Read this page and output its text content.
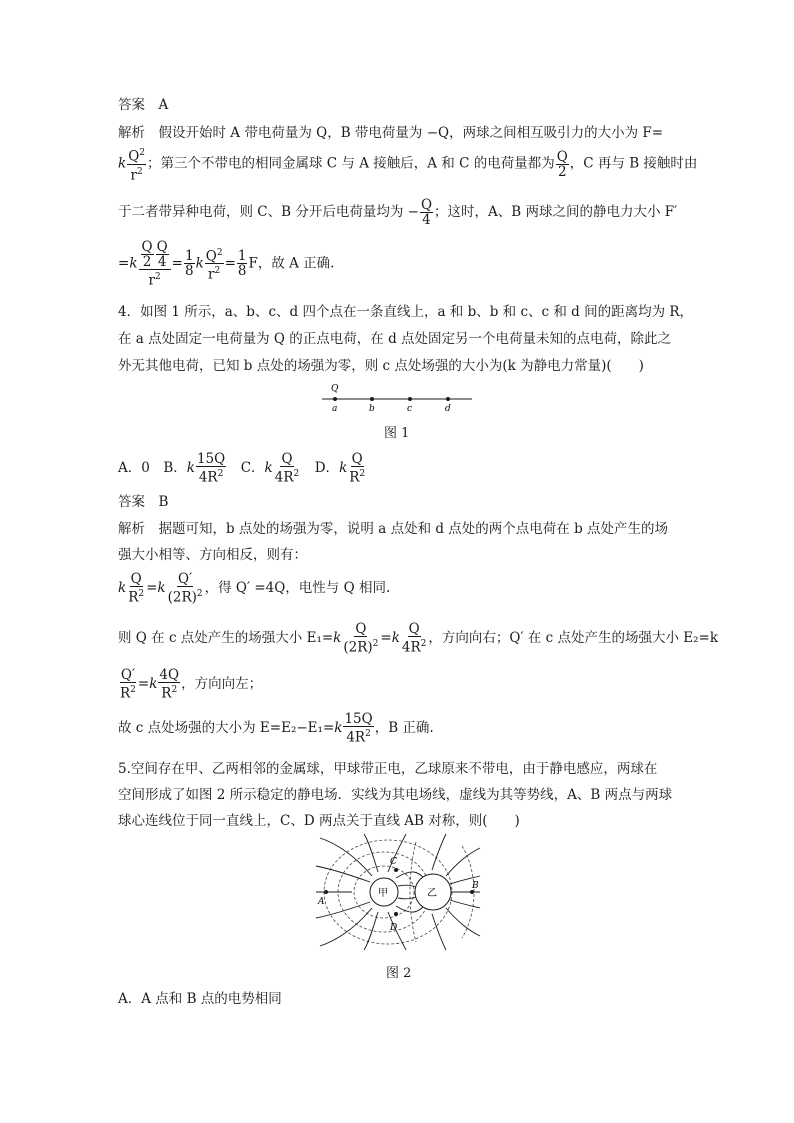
答案　A
解析　假设开始时 A 带电荷量为 Q，B 带电荷量为 −Q，两球之间相互吸引力的大小为 F=
k $\frac{Q^2}{r^2}$ ；第三个不带电的相同金属球 C 与 A 接触后，A 和 C 的电荷量都为 $\frac{Q}{2}$ ，C 再与 B 接触时由
于二者带异种电荷，则 C、B 分开后电荷量均为 − $\frac{Q}{4}$ ；这时，A、B 两球之间的静电力大小 F′
$=k \frac{\frac{Q}{2} \frac{Q}{4}}{r^2} = \frac{1}{8}$ k $\frac{Q^2}{r^2} = \frac{1}{8}$ F，故 A 正确.
4．如图 1 所示，a、b、c、d 四个点在一条直线上，a 和 b、b 和 c、c 和 d 间的距离均为 R，
在 a 点处固定一电荷量为 Q 的正点电荷，在 d 点处固定另一个电荷量未知的点电荷，除此之
外无其他电荷，已知 b 点处的场强为零，则 c 点处场强的大小为(k 为静电力常量)(　　)
Q
a	b	c	d
图 1
A．0　B．k $\frac{15Q}{4R^2}$
　 C．k $\frac{Q}{4R^2}$
　 D．k $\frac{Q}{R^2}$
答案　B
解析　据题可知，b 点处的场强为零，说明 a 点处和 d 点处的两个点电荷在 b 点处产生的场
强大小相等、方向相反，则有：
k $\frac{Q}{R^2} =k \frac{Q'}{(2R)^2}$ ，得 Q′ =4Q，电性与 Q 相同.
则 Q 在 c 点处产生的场强大小 $E_1=k \frac{Q}{(2R)^2} =k \frac{Q}{4R^2}$ ，方向向右；Q′ 在 c 点处产生的场强大小 E₂=k
$\frac{Q'}{R^2} =k \frac{4Q}{R^2}$ ，方向向左；
故 c 点处场强的大小为 $E=E_2-E_1=k \frac{15Q}{4R^2}$ ，B 正确.
5.空间存在甲、乙两相邻的金属球，甲球带正电，乙球原来不带电，由于静电感应，两球在
空间形成了如图 2 所示稳定的静电场．实线为其电场线，虚线为其等势线，A、B 两点与两球
球心连线位于同一直线上，C、D 两点关于直线 AB 对称，则(　　)
甲	乙
A
B
C
D
图 2
A．A 点和 B 点的电势相同
